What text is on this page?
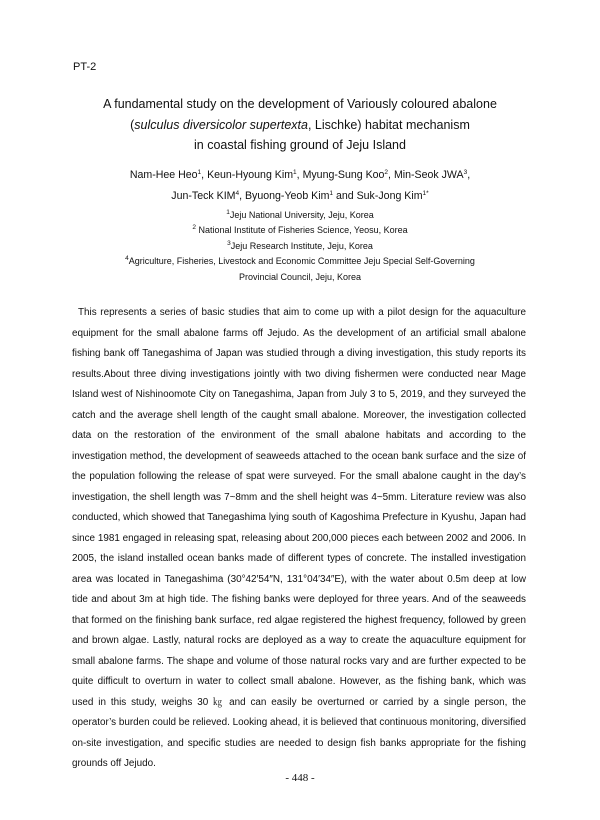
PT-2
A fundamental study on the development of Variously coloured abalone
(sulculus diversicolor supertexta, Lischke) habitat mechanism
in coastal fishing ground of Jeju Island
Nam-Hee Heo$^1$, Keun-Hyoung Kim$^1$, Myung-Sung Koo$^2$, Min-Seok JWA$^3$,
Jun-Teck KIM$^4$, Byuong-Yeob Kim$^1$ and Suk-Jong Kim$^{1*}$
$^1$Jeju National University, Jeju, Korea
$^2$ National Institute of Fisheries Science, Yeosu, Korea
$^3$Jeju Research Institute, Jeju, Korea
$^4$Agriculture, Fisheries, Livestock and Economic Committee Jeju Special Self-Governing
Provincial Council, Jeju, Korea
This represents a series of basic studies that aim to come up with a pilot design for the aquaculture equipment for the small abalone farms off Jejudo. As the development of an artificial small abalone fishing bank off Tanegashima of Japan was studied through a diving investigation, this study reports its results.About three diving investigations jointly with two diving fishermen were conducted near Mage Island west of Nishinoomote City on Tanegashima, Japan from July 3 to 5, 2019, and they surveyed the catch and the average shell length of the caught small abalone. Moreover, the investigation collected data on the restoration of the environment of the small abalone habitats and according to the investigation method, the development of seaweeds attached to the ocean bank surface and the size of the population following the release of spat were surveyed. For the small abalone caught in the day’s investigation, the shell length was 7~8mm and the shell height was 4~5mm. Literature review was also conducted, which showed that Tanegashima lying south of Kagoshima Prefecture in Kyushu, Japan had since 1981 engaged in releasing spat, releasing about 200,000 pieces each between 2002 and 2006. In 2005, the island installed ocean banks made of different types of concrete. The installed investigation area was located in Tanegashima (30°42′54″N, 131°04′34″E), with the water about 0.5m deep at low tide and about 3m at high tide. The fishing banks were deployed for three years. And of the seaweeds that formed on the finishing bank surface, red algae registered the highest frequency, followed by green and brown algae. Lastly, natural rocks are deployed as a way to create the aquaculture equipment for small abalone farms. The shape and volume of those natural rocks vary and are further expected to be quite difficult to overturn in water to collect small abalone. However, as the fishing bank, which was used in this study, weighs 30 ㎏ and can easily be overturned or carried by a single person, the operator’s burden could be relieved. Looking ahead, it is believed that continuous monitoring, diversified on-site investigation, and specific studies are needed to design fish banks appropriate for the fishing grounds off Jejudo.
- 448 -
